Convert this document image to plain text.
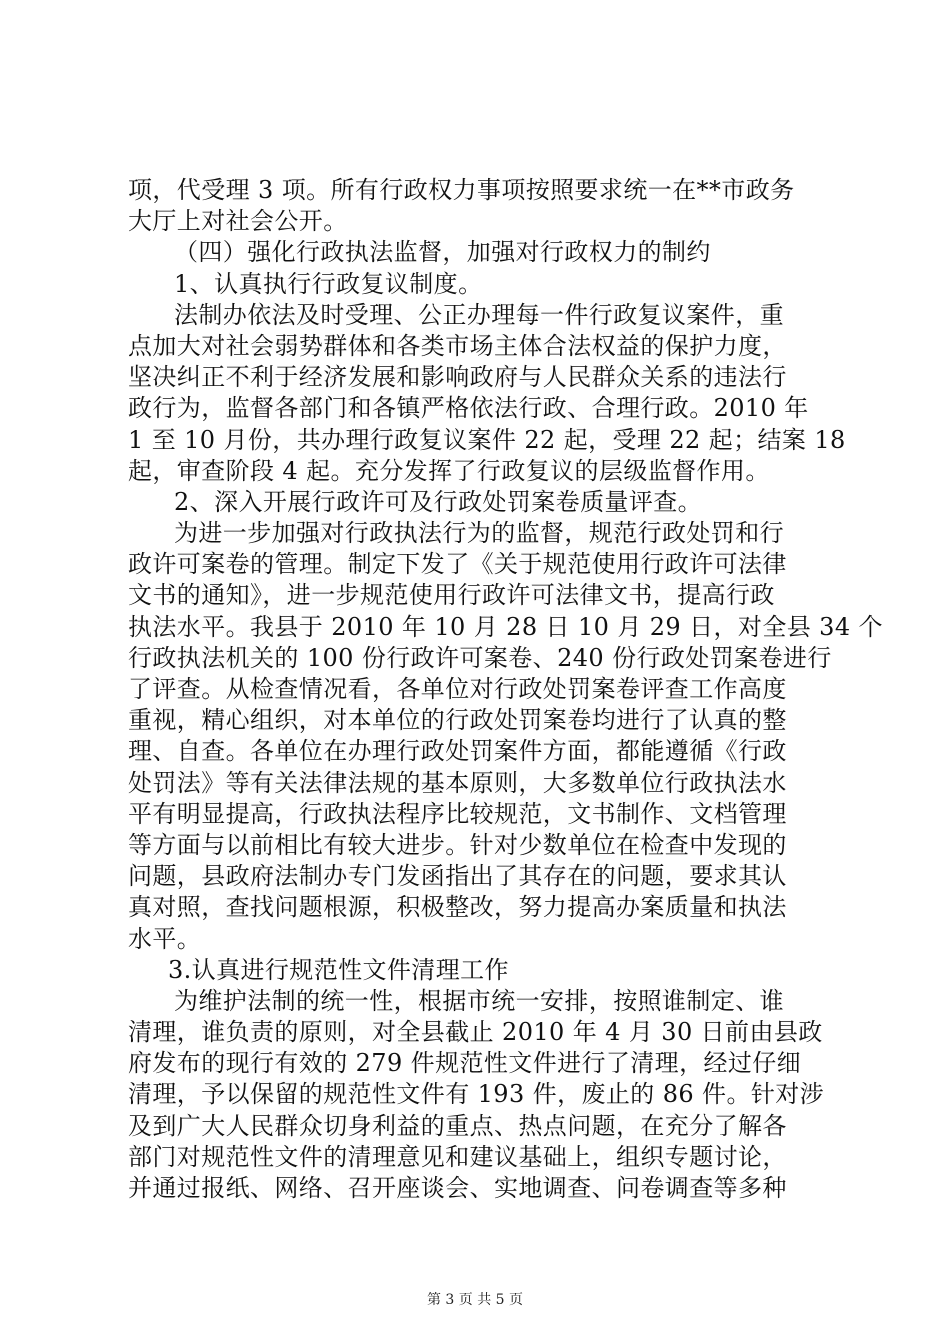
项，代受理 3 项。所有行政权力事项按照要求统一在**市政务
大厅上对社会公开。
（四）强化行政执法监督，加强对行政权力的制约
1、认真执行行政复议制度。
法制办依法及时受理、公正办理每一件行政复议案件，重
点加大对社会弱势群体和各类市场主体合法权益的保护力度，
坚决纠正不利于经济发展和影响政府与人民群众关系的违法行
政行为，监督各部门和各镇严格依法行政、合理行政。2010 年
1 至 10 月份，共办理行政复议案件 22 起，受理 22 起；结案 18
起，审查阶段 4 起。充分发挥了行政复议的层级监督作用。
2、深入开展行政许可及行政处罚案卷质量评查。
为进一步加强对行政执法行为的监督，规范行政处罚和行
政许可案卷的管理。制定下发了《关于规范使用行政许可法律
文书的通知》，进一步规范使用行政许可法律文书，提高行政
执法水平。我县于 2010 年 10 月 28 日 10 月 29 日，对全县 34 个
行政执法机关的 100 份行政许可案卷、240 份行政处罚案卷进行
了评查。从检查情况看，各单位对行政处罚案卷评查工作高度
重视，精心组织，对本单位的行政处罚案卷均进行了认真的整
理、自查。各单位在办理行政处罚案件方面，都能遵循《行政
处罚法》等有关法律法规的基本原则，大多数单位行政执法水
平有明显提高，行政执法程序比较规范，文书制作、文档管理
等方面与以前相比有较大进步。针对少数单位在检查中发现的
问题，县政府法制办专门发函指出了其存在的问题，要求其认
真对照，查找问题根源，积极整改，努力提高办案质量和执法
水平。
3.认真进行规范性文件清理工作
为维护法制的统一性，根据市统一安排，按照谁制定、谁
清理，谁负责的原则，对全县截止 2010 年 4 月 30 日前由县政
府发布的现行有效的 279 件规范性文件进行了清理，经过仔细
清理，予以保留的规范性文件有 193 件，废止的 86 件。针对涉
及到广大人民群众切身利益的重点、热点问题，在充分了解各
部门对规范性文件的清理意见和建议基础上，组织专题讨论，
并通过报纸、网络、召开座谈会、实地调查、问卷调查等多种
第 3 页 共 5 页
